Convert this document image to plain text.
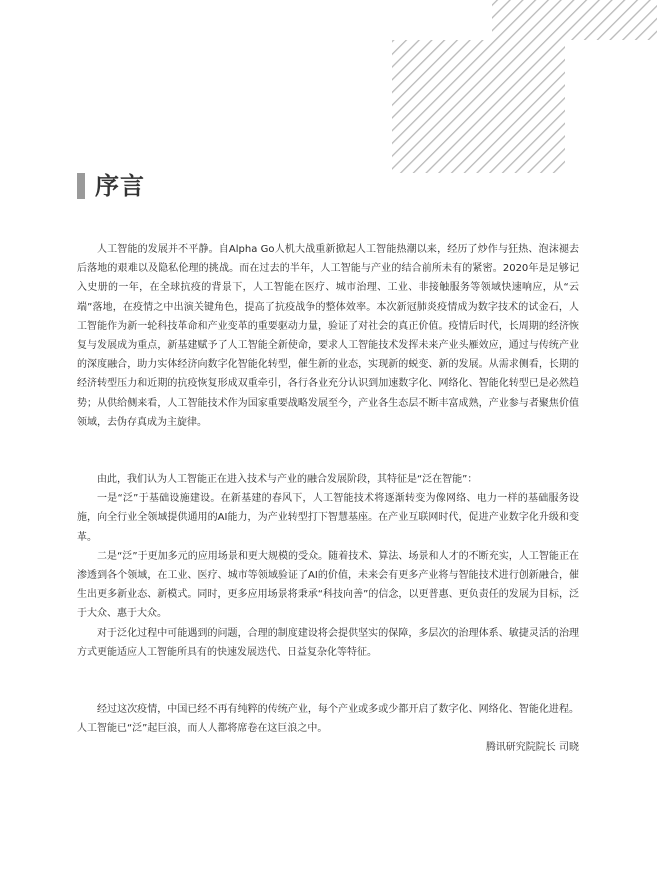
序言

人工智能的发展并不平静。自Alpha Go人机大战重新掀起人工智能热潮以来，经历了炒作与狂热、泡沫褪去后落地的艰难以及隐私伦理的挑战。而在过去的半年，人工智能与产业的结合前所未有的紧密。2020年是足够记入史册的一年，在全球抗疫的背景下，人工智能在医疗、城市治理、工业、非接触服务等领域快速响应，从“云端”落地，在疫情之中出演关键角色，提高了抗疫战争的整体效率。本次新冠肺炎疫情成为数字技术的试金石，人工智能作为新一轮科技革命和产业变革的重要驱动力量，验证了对社会的真正价值。疫情后时代，长周期的经济恢复与发展成为重点，新基建赋予了人工智能全新使命，要求人工智能技术发挥未来产业头雁效应，通过与传统产业的深度融合，助力实体经济向数字化智能化转型，催生新的业态，实现新的蜕变、新的发展。从需求侧看，长期的经济转型压力和近期的抗疫恢复形成双重牵引，各行各业充分认识到加速数字化、网络化、智能化转型已是必然趋势；从供给侧来看，人工智能技术作为国家重要战略发展至今，产业各生态层不断丰富成熟，产业参与者聚焦价值领域，去伪存真成为主旋律。

由此，我们认为人工智能正在进入技术与产业的融合发展阶段，其特征是“泛在智能”：

一是“泛”于基础设施建设。在新基建的春风下，人工智能技术将逐渐转变为像网络、电力一样的基础服务设施，向全行业全领域提供通用的AI能力，为产业转型打下智慧基座。在产业互联网时代，促进产业数字化升级和变革。

二是“泛”于更加多元的应用场景和更大规模的受众。随着技术、算法、场景和人才的不断充实，人工智能正在渗透到各个领域，在工业、医疗、城市等领域验证了AI的价值，未来会有更多产业将与智能技术进行创新融合，催生出更多新业态、新模式。同时，更多应用场景将秉承“科技向善”的信念，以更普惠、更负责任的发展为目标，泛于大众、惠于大众。

对于泛化过程中可能遇到的问题，合理的制度建设将会提供坚实的保障，多层次的治理体系、敏捷灵活的治理方式更能适应人工智能所具有的快速发展迭代、日益复杂化等特征。

经过这次疫情，中国已经不再有纯粹的传统产业，每个产业或多或少都开启了数字化、网络化、智能化进程。人工智能已“泛”起巨浪，而人人都将席卷在这巨浪之中。

腾讯研究院院长 司晓
